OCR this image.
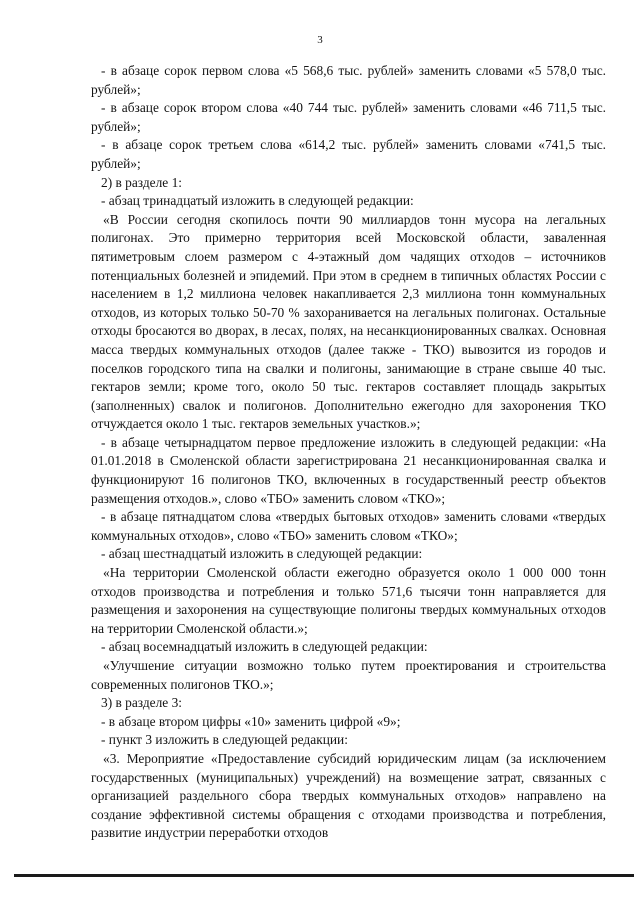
3

- в абзаце сорок первом слова «5 568,6 тыс. рублей» заменить словами «5 578,0 тыс. рублей»;

- в абзаце сорок втором слова «40 744 тыс. рублей» заменить словами «46 711,5 тыс. рублей»;

- в абзаце сорок третьем слова «614,2 тыс. рублей» заменить словами «741,5 тыс. рублей»;

2) в разделе 1:

- абзац тринадцатый изложить в следующей редакции:

«В России сегодня скопилось почти 90 миллиардов тонн мусора на легальных полигонах. Это примерно территория всей Московской области, заваленная пятиметровым слоем размером с 4-этажный дом чадящих отходов – источников потенциальных болезней и эпидемий. При этом в среднем в типичных областях России с населением в 1,2 миллиона человек накапливается 2,3 миллиона тонн коммунальных отходов, из которых только 50-70 % захоранивается на легальных полигонах. Остальные отходы бросаются во дворах, в лесах, полях, на несанкционированных свалках. Основная масса твердых коммунальных отходов (далее также - ТКО) вывозится из городов и поселков городского типа на свалки и полигоны, занимающие в стране свыше 40 тыс. гектаров земли; кроме того, около 50 тыс. гектаров составляет площадь закрытых (заполненных) свалок и полигонов. Дополнительно ежегодно для захоронения ТКО отчуждается около 1 тыс. гектаров земельных участков.»;

- в абзаце четырнадцатом первое предложение изложить в следующей редакции: «На 01.01.2018 в Смоленской области зарегистрирована 21 несанкционированная свалка и функционируют 16 полигонов ТКО, включенных в государственный реестр объектов размещения отходов.», слово «ТБО» заменить словом «ТКО»;

- в абзаце пятнадцатом слова «твердых бытовых отходов» заменить словами «твердых коммунальных отходов», слово «ТБО» заменить словом «ТКО»;

- абзац шестнадцатый изложить в следующей редакции:

«На территории Смоленской области ежегодно образуется около 1 000 000 тонн отходов производства и потребления и только 571,6 тысячи тонн направляется для размещения и захоронения на существующие полигоны твердых коммунальных отходов на территории Смоленской области.»;

- абзац восемнадцатый изложить в следующей редакции:

«Улучшение ситуации возможно только путем проектирования и строительства современных полигонов ТКО.»;

3) в разделе 3:

- в абзаце втором цифры «10» заменить цифрой «9»;

- пункт 3 изложить в следующей редакции:

«3. Мероприятие «Предоставление субсидий юридическим лицам (за исключением государственных (муниципальных) учреждений) на возмещение затрат, связанных с организацией раздельного сбора твердых коммунальных отходов» направлено на создание эффективной системы обращения с отходами производства и потребления, развитие индустрии переработки отходов
